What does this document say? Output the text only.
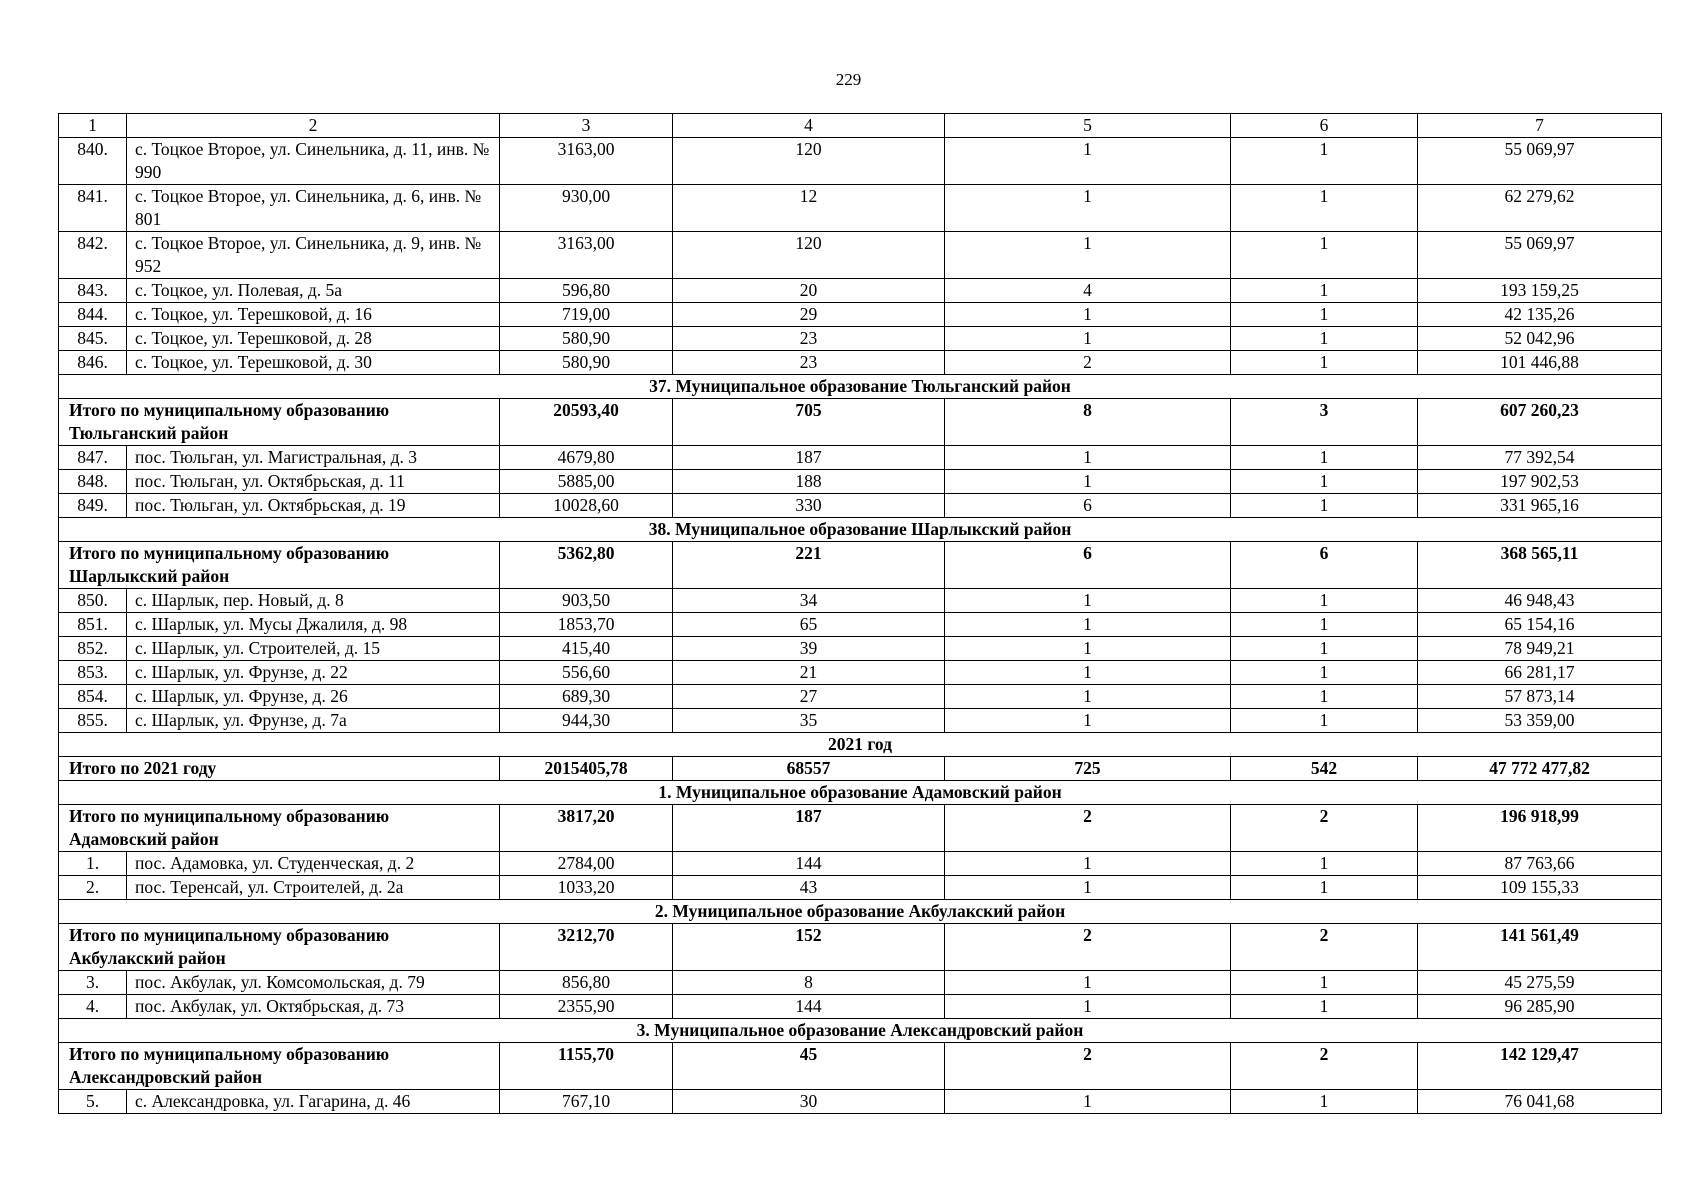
229
1	2	3	4	5	6	7
840.	с. Тоцкое Второе, ул. Синельника, д. 11, инв. № 990	3163,00	120	1	1	55 069,97
841.	с. Тоцкое Второе, ул. Синельника, д. 6, инв. № 801	930,00	12	1	1	62 279,62
842.	с. Тоцкое Второе, ул. Синельника, д. 9, инв. № 952	3163,00	120	1	1	55 069,97
843.	с. Тоцкое, ул. Полевая, д. 5а	596,80	20	4	1	193 159,25
844.	с. Тоцкое, ул. Терешковой, д. 16	719,00	29	1	1	42 135,26
845.	с. Тоцкое, ул. Терешковой, д. 28	580,90	23	1	1	52 042,96
846.	с. Тоцкое, ул. Терешковой, д. 30	580,90	23	2	1	101 446,88
37. Муниципальное образование Тюльганский район						
Итого по муниципальному образованию Тюльганский район		20593,40	705	8	3	607 260,23
847.	пос. Тюльган, ул. Магистральная, д. 3	4679,80	187	1	1	77 392,54
848.	пос. Тюльган, ул. Октябрьская, д. 11	5885,00	188	1	1	197 902,53
849.	пос. Тюльган, ул. Октябрьская, д. 19	10028,60	330	6	1	331 965,16
38. Муниципальное образование Шарлыкский район						
Итого по муниципальному образованию Шарлыкский район		5362,80	221	6	6	368 565,11
850.	с. Шарлык, пер. Новый, д. 8	903,50	34	1	1	46 948,43
851.	с. Шарлык, ул. Мусы Джалиля, д. 98	1853,70	65	1	1	65 154,16
852.	с. Шарлык, ул. Строителей, д. 15	415,40	39	1	1	78 949,21
853.	с. Шарлык, ул. Фрунзе, д. 22	556,60	21	1	1	66 281,17
854.	с. Шарлык, ул. Фрунзе, д. 26	689,30	27	1	1	57 873,14
855.	с. Шарлык, ул. Фрунзе, д. 7а	944,30	35	1	1	53 359,00
2021 год						
Итого по 2021 году		2015405,78	68557	725	542	47 772 477,82
1. Муниципальное образование Адамовский район						
Итого по муниципальному образованию Адамовский район		3817,20	187	2	2	196 918,99
1.	пос. Адамовка, ул. Студенческая, д. 2	2784,00	144	1	1	87 763,66
2.	пос. Теренсай, ул. Строителей, д. 2а	1033,20	43	1	1	109 155,33
2. Муниципальное образование Акбулакский район						
Итого по муниципальному образованию Акбулакский район		3212,70	152	2	2	141 561,49
3.	пос. Акбулак, ул. Комсомольская, д. 79	856,80	8	1	1	45 275,59
4.	пос. Акбулак, ул. Октябрьская, д. 73	2355,90	144	1	1	96 285,90
3. Муниципальное образование Александровский район						
Итого по муниципальному образованию Александровский район		1155,70	45	2	2	142 129,47
5.	с. Александровка, ул. Гагарина, д. 46	767,10	30	1	1	76 041,68
